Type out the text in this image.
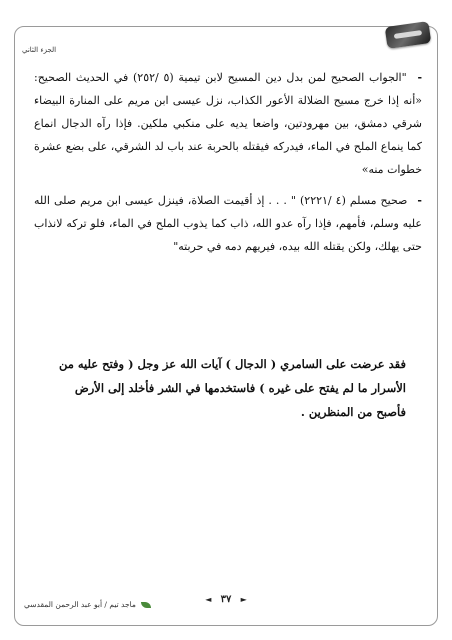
الجزء الثاني

- "الجواب الصحيح لمن بدل دين المسيح لابن تيمية (٥ /٢٥٢) في الحديث الصحيح: «أنه إذا خرج مسيح الضلالة الأعور الكذاب، نزل عيسى ابن مريم على المنارة البيضاء شرقي دمشق، بين مهرودتين، واضعا يديه على منكبي ملكين. فإذا رآه الدجال انماع كما ينماع الملح في الماء، فيدركه فيقتله بالحربة عند باب لد الشرقي، على بضع عشرة خطوات منه»

- صحيح مسلم (٤ /٢٢٢١) " . . . إذ أقيمت الصلاة، فينزل عيسى ابن مريم صلى الله عليه وسلم، فأمهم، فإذا رآه عدو الله، ذاب كما يذوب الملح في الماء، فلو تركه لانذاب حتى يهلك، ولكن يقتله الله بيده، فيريهم دمه في حربته"

فقد عرضت على السامري ( الدجال ) آيات الله عز وجل ( وفتح عليه من الأسرار ما لم يفتح على غيره ) فاستخدمها في الشر فأخلد إلى الأرض فأصبح من المنظرين .
◄ ٣٧ ►
ماجد تيم / أبو عبد الرحمن المقدسي
